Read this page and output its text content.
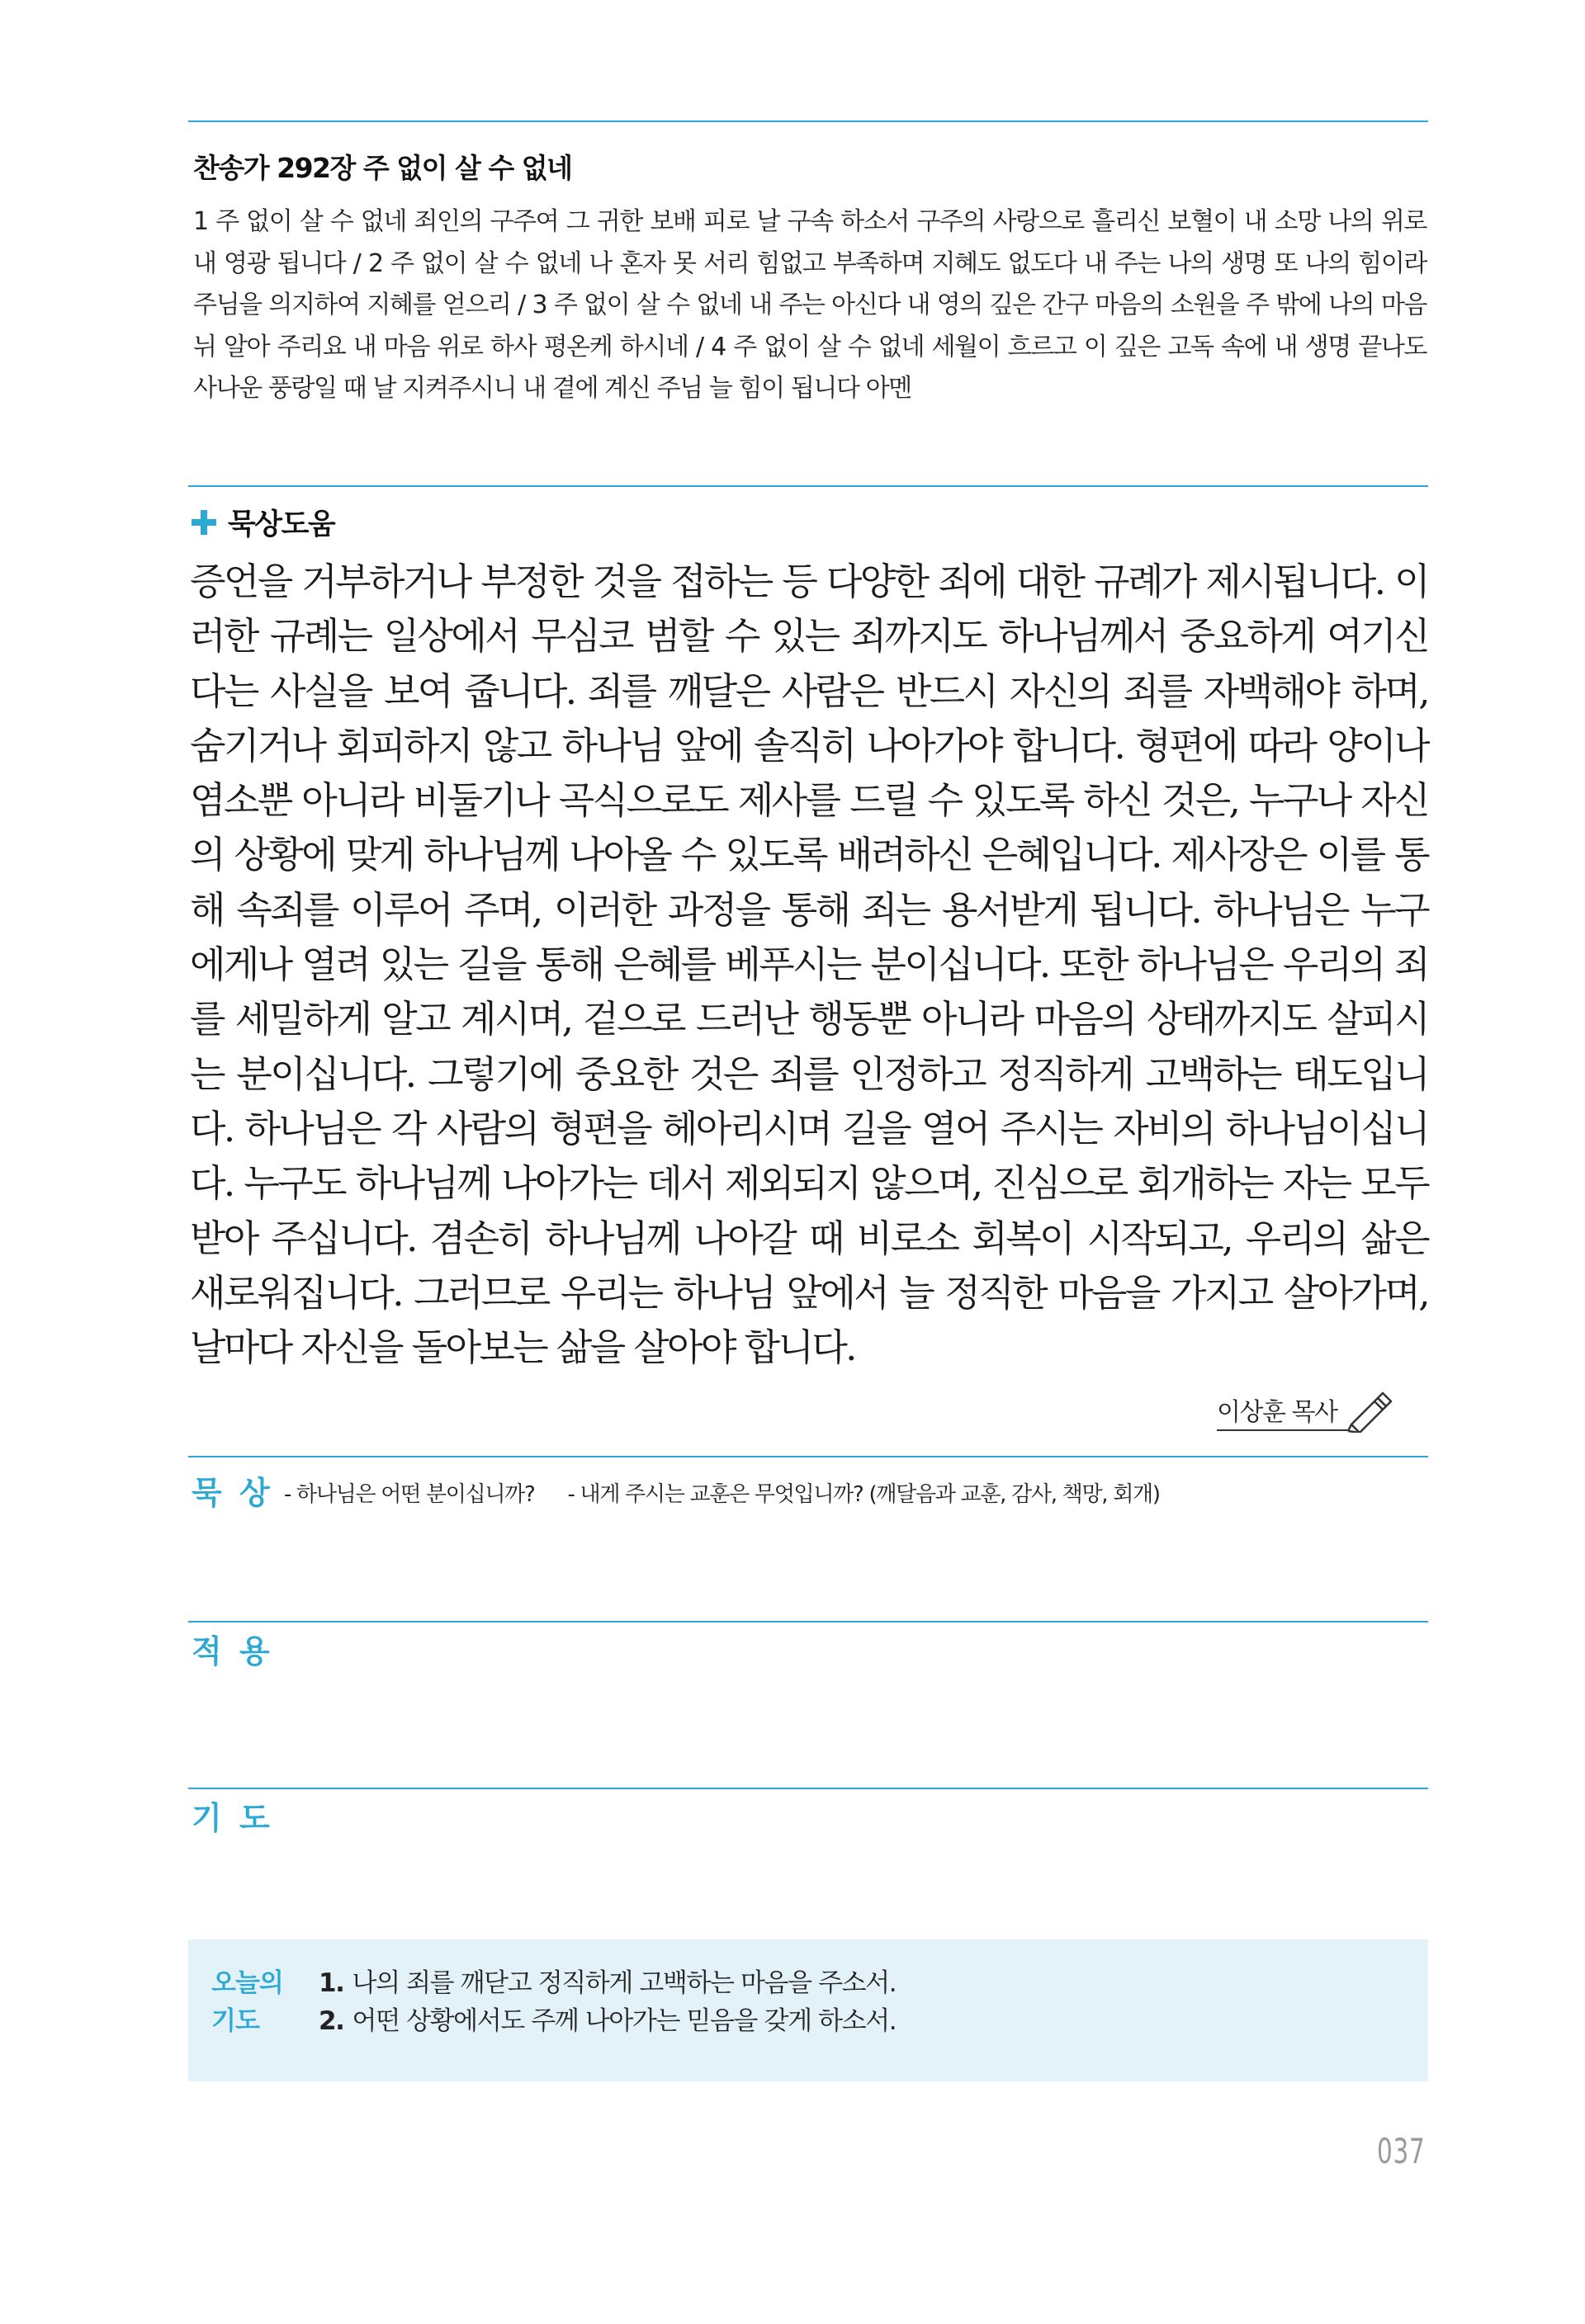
찬송가 292장 주 없이 살 수 없네
1 주 없이 살 수 없네 죄인의 구주여 그 귀한 보배 피로 날 구속 하소서 구주의 사랑으로 흘리신 보혈이 내 소망 나의 위로 내 영광 됩니다 / 2 주 없이 살 수 없네 나 혼자 못 서리 힘없고 부족하며 지혜도 없도다 내 주는 나의 생명 또 나의 힘이라 주님을 의지하여 지혜를 얻으리 / 3 주 없이 살 수 없네 내 주는 아신다 내 영의 깊은 간구 마음의 소원을 주 밖에 나의 마음 뉘 알아 주리요 내 마음 위로 하사 평온케 하시네 / 4 주 없이 살 수 없네 세월이 흐르고 이 깊은 고독 속에 내 생명 끝나도 사나운 풍랑일 때 날 지켜주시니 내 곁에 계신 주님 늘 힘이 됩니다 아멘
묵상도움
증언을 거부하거나 부정한 것을 접하는 등 다양한 죄에 대한 규례가 제시됩니다. 이러한 규례는 일상에서 무심코 범할 수 있는 죄까지도 하나님께서 중요하게 여기신다는 사실을 보여 줍니다. 죄를 깨달은 사람은 반드시 자신의 죄를 자백해야 하며, 숨기거나 회피하지 않고 하나님 앞에 솔직히 나아가야 합니다. 형편에 따라 양이나 염소뿐 아니라 비둘기나 곡식으로도 제사를 드릴 수 있도록 하신 것은, 누구나 자신의 상황에 맞게 하나님께 나아올 수 있도록 배려하신 은혜입니다. 제사장은 이를 통해 속죄를 이루어 주며, 이러한 과정을 통해 죄는 용서받게 됩니다. 하나님은 누구에게나 열려 있는 길을 통해 은혜를 베푸시는 분이십니다. 또한 하나님은 우리의 죄를 세밀하게 알고 계시며, 겉으로 드러난 행동뿐 아니라 마음의 상태까지도 살피시는 분이십니다. 그렇기에 중요한 것은 죄를 인정하고 정직하게 고백하는 태도입니다. 하나님은 각 사람의 형편을 헤아리시며 길을 열어 주시는 자비의 하나님이십니다. 누구도 하나님께 나아가는 데서 제외되지 않으며, 진심으로 회개하는 자는 모두 받아 주십니다. 겸손히 하나님께 나아갈 때 비로소 회복이 시작되고, 우리의 삶은 새로워집니다. 그러므로 우리는 하나님 앞에서 늘 정직한 마음을 가지고 살아가며, 날마다 자신을 돌아보는 삶을 살아야 합니다.
이상훈 목사
묵 상 - 하나님은 어떤 분이십니까? - 내게 주시는 교훈은 무엇입니까? (깨달음과 교훈, 감사, 책망, 회개)
적 용
기 도
오늘의 기도
1. 나의 죄를 깨닫고 정직하게 고백하는 마음을 주소서.
2. 어떤 상황에서도 주께 나아가는 믿음을 갖게 하소서.
037
